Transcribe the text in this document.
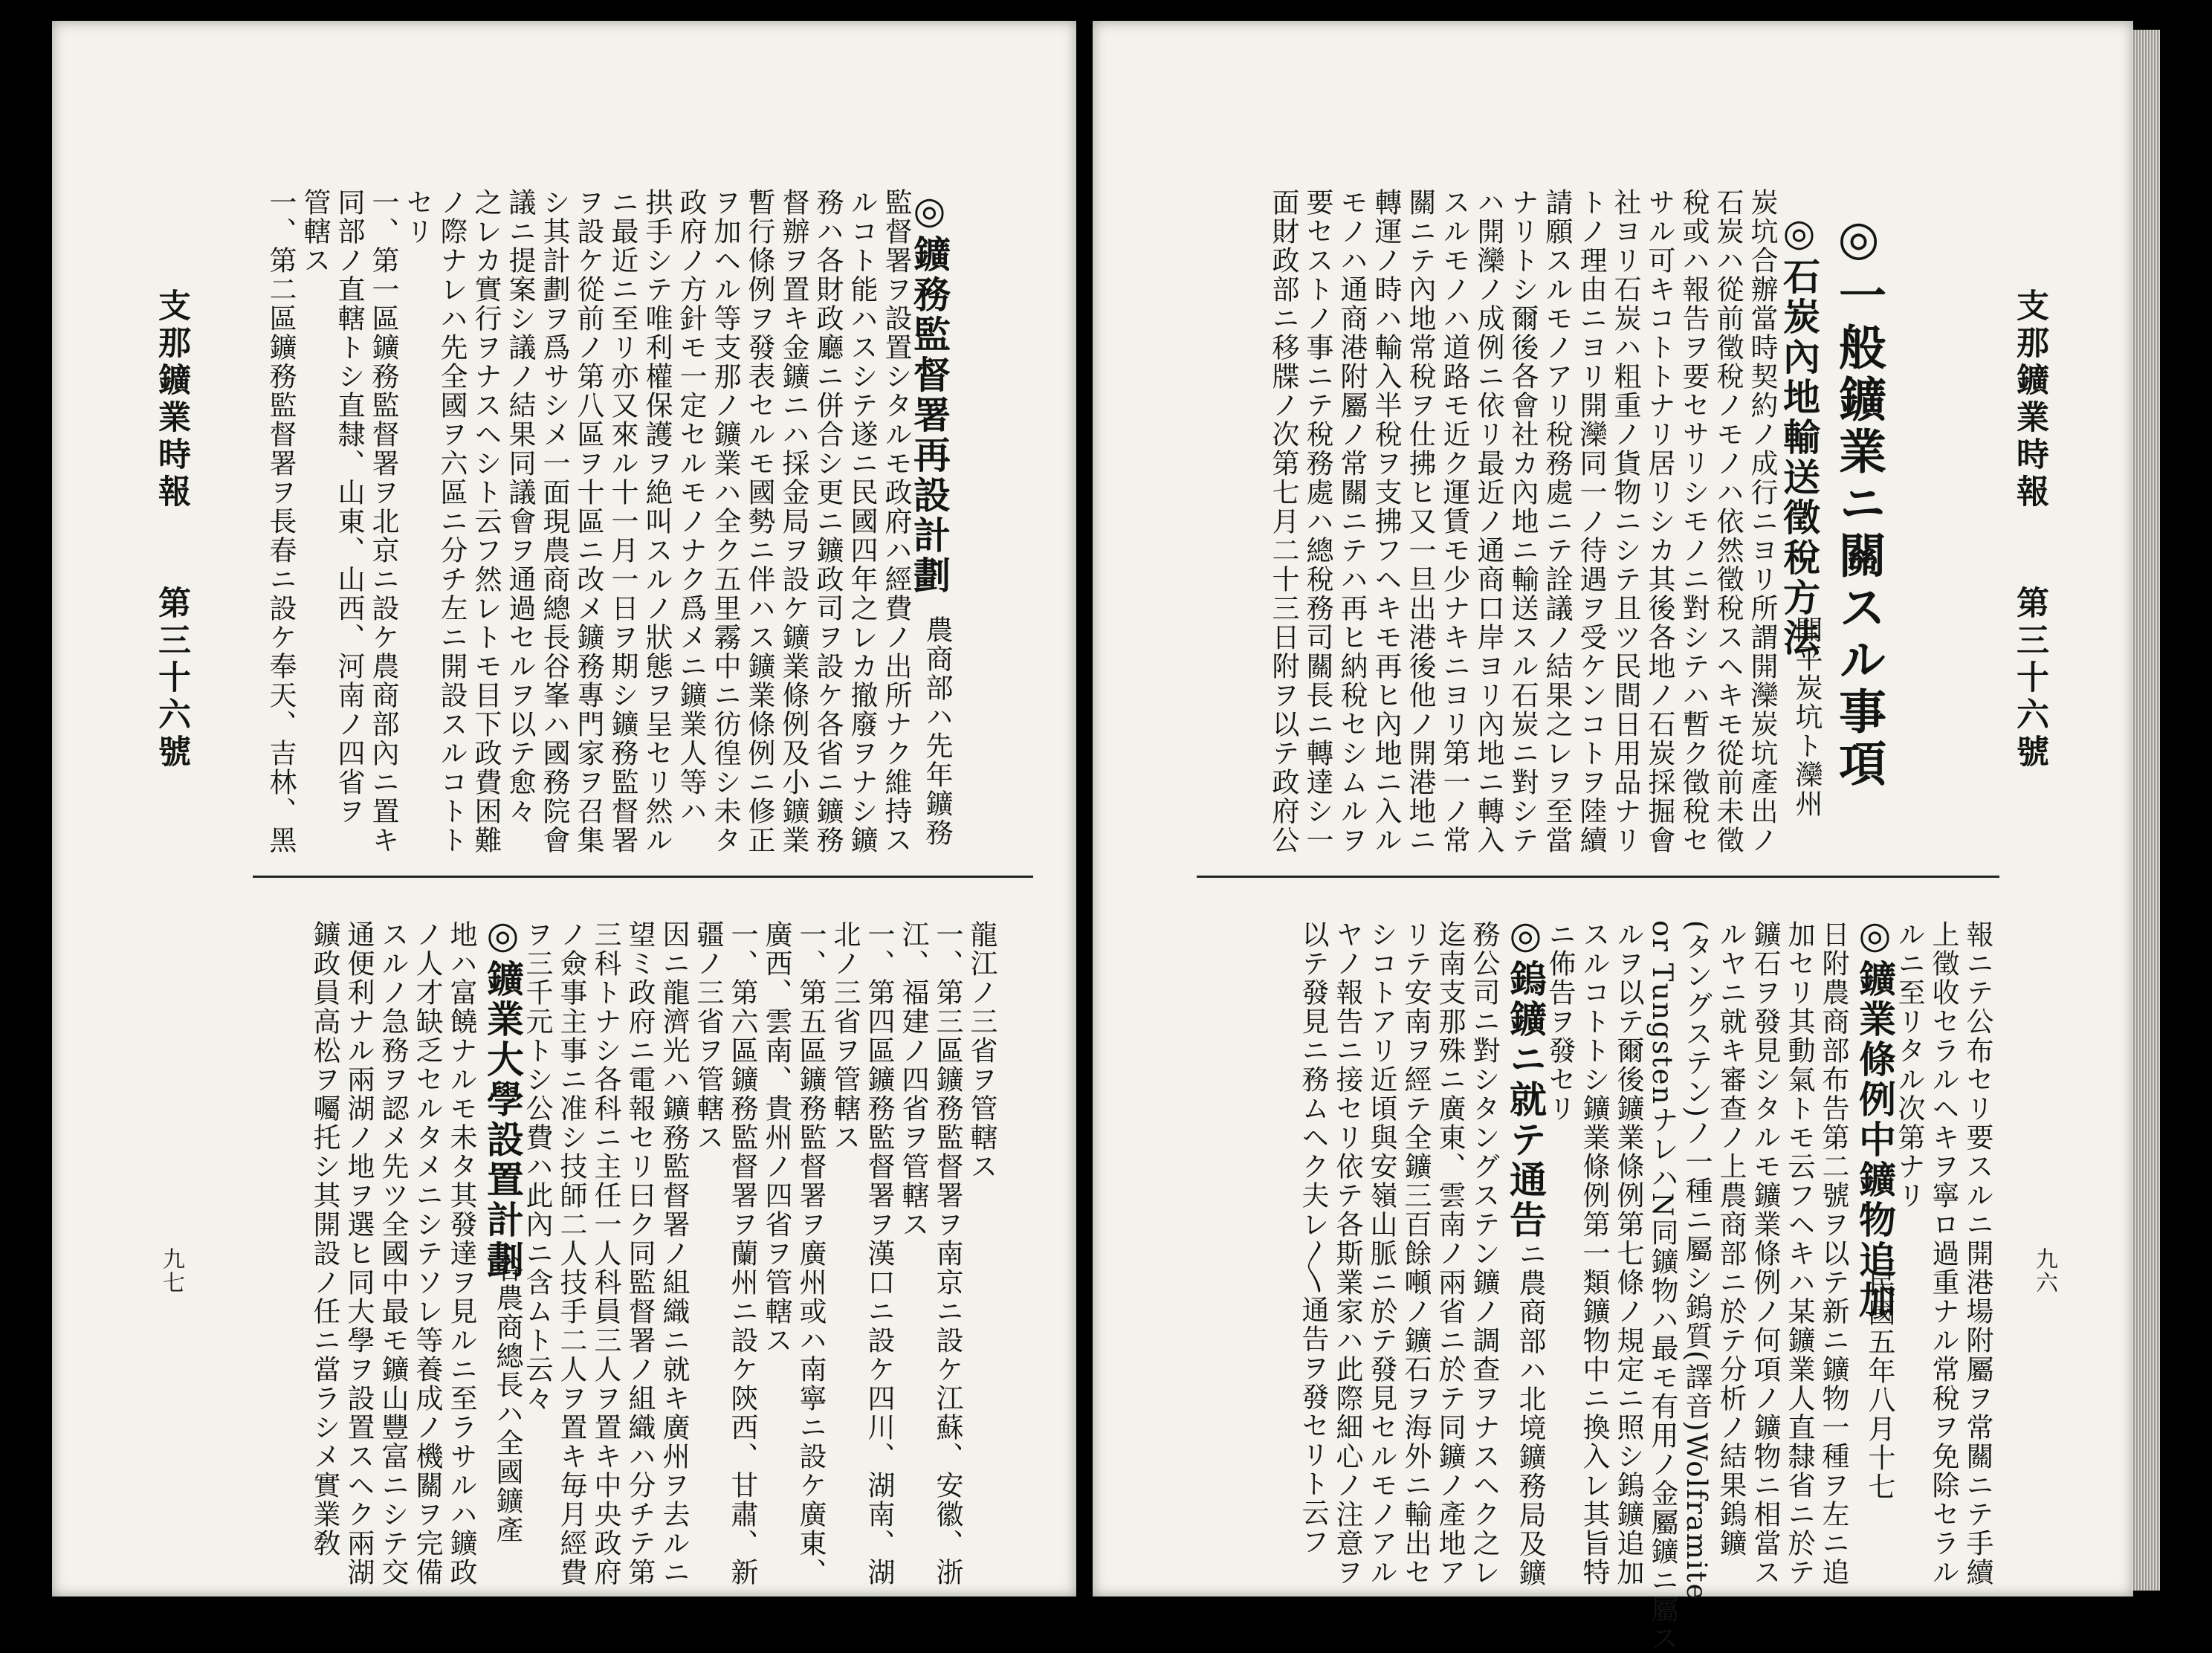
支那鑛業時報　　第三十六號
九七
◎鑛務監督署再設計劃
農商部ハ先年鑛務
監督署ヲ設置シタルモ政府ハ經費ノ出所ナク維持ス
ルコト能ハスシテ遂ニ民國四年之レカ撤廢ヲナシ鑛
務ハ各財政廳ニ併合シ更ニ鑛政司ヲ設ケ各省ニ鑛務
督辦ヲ置キ金鑛ニハ採金局ヲ設ケ鑛業條例及小鑛業
暫行條例ヲ發表セルモ國勢ニ伴ハス鑛業條例ニ修正
ヲ加ヘル等支那ノ鑛業ハ全ク五里霧中ニ彷徨シ未タ
政府ノ方針モ一定セルモノナク爲メニ鑛業人等ハ
拱手シテ唯利權保護ヲ絶叫スルノ狀態ヲ呈セリ然ル
ニ最近ニ至リ亦又來ル十一月一日ヲ期シ鑛務監督署
ヲ設ケ從前ノ第八區ヲ十區ニ改メ鑛務專門家ヲ召集
シ其計劃ヲ爲サシメ一面現農商總長谷峯ハ國務院會
議ニ提案シ議ノ結果同議會ヲ通過セルヲ以テ愈々
之レカ實行ヲナスヘシト云フ然レトモ目下政費困難
ノ際ナレハ先全國ヲ六區ニ分チ左ニ開設スルコトト
セリ
一、第一區鑛務監督署ヲ北京ニ設ケ農商部內ニ置キ
同部ノ直轄トシ直隸、山東、山西、河南ノ四省ヲ
管轄ス
一、第二區鑛務監督署ヲ長春ニ設ケ奉天、吉林、黑
龍江ノ三省ヲ管轄ス
一、第三區鑛務監督署ヲ南京ニ設ケ江蘇、安徽、浙
江、福建ノ四省ヲ管轄ス
一、第四區鑛務監督署ヲ漢口ニ設ケ四川、湖南、湖
北ノ三省ヲ管轄ス
一、第五區鑛務監督署ヲ廣州或ハ南寧ニ設ケ廣東、
廣西、雲南、貴州ノ四省ヲ管轄ス
一、第六區鑛務監督署ヲ蘭州ニ設ケ陝西、甘肅、新
疆ノ三省ヲ管轄ス
因ニ龍濟光ハ鑛務監督署ノ組織ニ就キ廣州ヲ去ルニ
望ミ政府ニ電報セリ曰ク同監督署ノ組織ハ分チテ第
三科トナシ各科ニ主任一人科員三人ヲ置キ中央政府
ノ僉事主事ニ准シ技師二人技手二人ヲ置キ毎月經費
ヲ三千元トシ公費ハ此內ニ含ムト云々
◎鑛業大學設置計劃
谷農商總長ハ全國鑛產
地ハ富饒ナルモ未タ其發達ヲ見ルニ至ラサルハ鑛政
ノ人才缺乏セルタメニシテソレ等養成ノ機關ヲ完備
スルノ急務ヲ認メ先ツ全國中最モ鑛山豐富ニシテ交
通便利ナル兩湖ノ地ヲ選ヒ同大學ヲ設置スヘク兩湖
鑛政員高松ヲ囑托シ其開設ノ任ニ當ラシメ實業敎
支那鑛業時報　　第三十六號
九六
◎一般鑛業ニ關スル事項
◎石炭內地輸送徵稅方法
開平炭坑ト灤州
炭坑合辦當時契約ノ成行ニヨリ所謂開灤炭坑產出ノ
石炭ハ從前徵稅ノモノハ依然徵稅スヘキモ從前未徵
稅或ハ報告ヲ要セサリシモノニ對シテハ暫ク徵稅セ
サル可キコトトナリ居リシカ其後各地ノ石炭採掘會
社ヨリ石炭ハ粗重ノ貨物ニシテ且ツ民間日用品ナリ
トノ理由ニヨリ開灤同一ノ待遇ヲ受ケンコトヲ陸續
請願スルモノアリ稅務處ニテ詮議ノ結果之レヲ至當
ナリトシ爾後各會社カ內地ニ輸送スル石炭ニ對シテ
ハ開灤ノ成例ニ依リ最近ノ通商口岸ヨリ內地ニ轉入
スルモノハ道路モ近ク運賃モ少ナキニヨリ第一ノ常
關ニテ內地常稅ヲ仕拂ヒ又一旦出港後他ノ開港地ニ
轉運ノ時ハ輸入半稅ヲ支拂フヘキモ再ヒ內地ニ入ル
モノハ通商港附屬ノ常關ニテハ再ヒ納稅セシムルヲ
要セストノ事ニテ稅務處ハ總稅務司關長ニ轉達シ一
面財政部ニ移牒ノ次第七月二十三日附ヲ以テ政府公
報ニテ公布セリ要スルニ開港場附屬ヲ常關ニテ手續
上徵收セラルヘキヲ寧ロ過重ナル常稅ヲ免除セラル
ルニ至リタル次第ナリ
◎鑛業條例中鑛物追加
民國五年八月十七
日附農商部布告第二號ヲ以テ新ニ鑛物一種ヲ左ニ追
加セリ其動氣トモ云フヘキハ某鑛業人直隸省ニ於テ
鑛石ヲ發見シタルモ鑛業條例ノ何項ノ鑛物ニ相當ス
ルヤニ就キ審查ノ上農商部ニ於テ分析ノ結果鎢鑛
(タングステン)ノ一種ニ屬シ鎢質(譯音)Wolframite
or TungstenナレハN同鑛物ハ最モ有用ノ金屬鑛ニ屬ス
ルヲ以テ爾後鑛業條例第七條ノ規定ニ照シ鎢鑛追加
スルコトトシ鑛業條例第一類鑛物中ニ換入レ其旨特
ニ佈告ヲ發セリ
◎鎢鑛ニ就テ通告
ニ農商部ハ北境鑛務局及鑛
務公司ニ對シタングステン鑛ノ調查ヲナスヘク之レ
迄南支那殊ニ廣東、雲南ノ兩省ニ於テ同鑛ノ產地ア
リテ安南ヲ經テ全鑛三百餘噸ノ鑛石ヲ海外ニ輸出セ
シコトアリ近頃與安嶺山脈ニ於テ發見セルモノアル
ヤノ報告ニ接セリ依テ各斯業家ハ此際細心ノ注意ヲ
以テ發見ニ務ムヘク夫レ〳〵通告ヲ發セリト云フ
